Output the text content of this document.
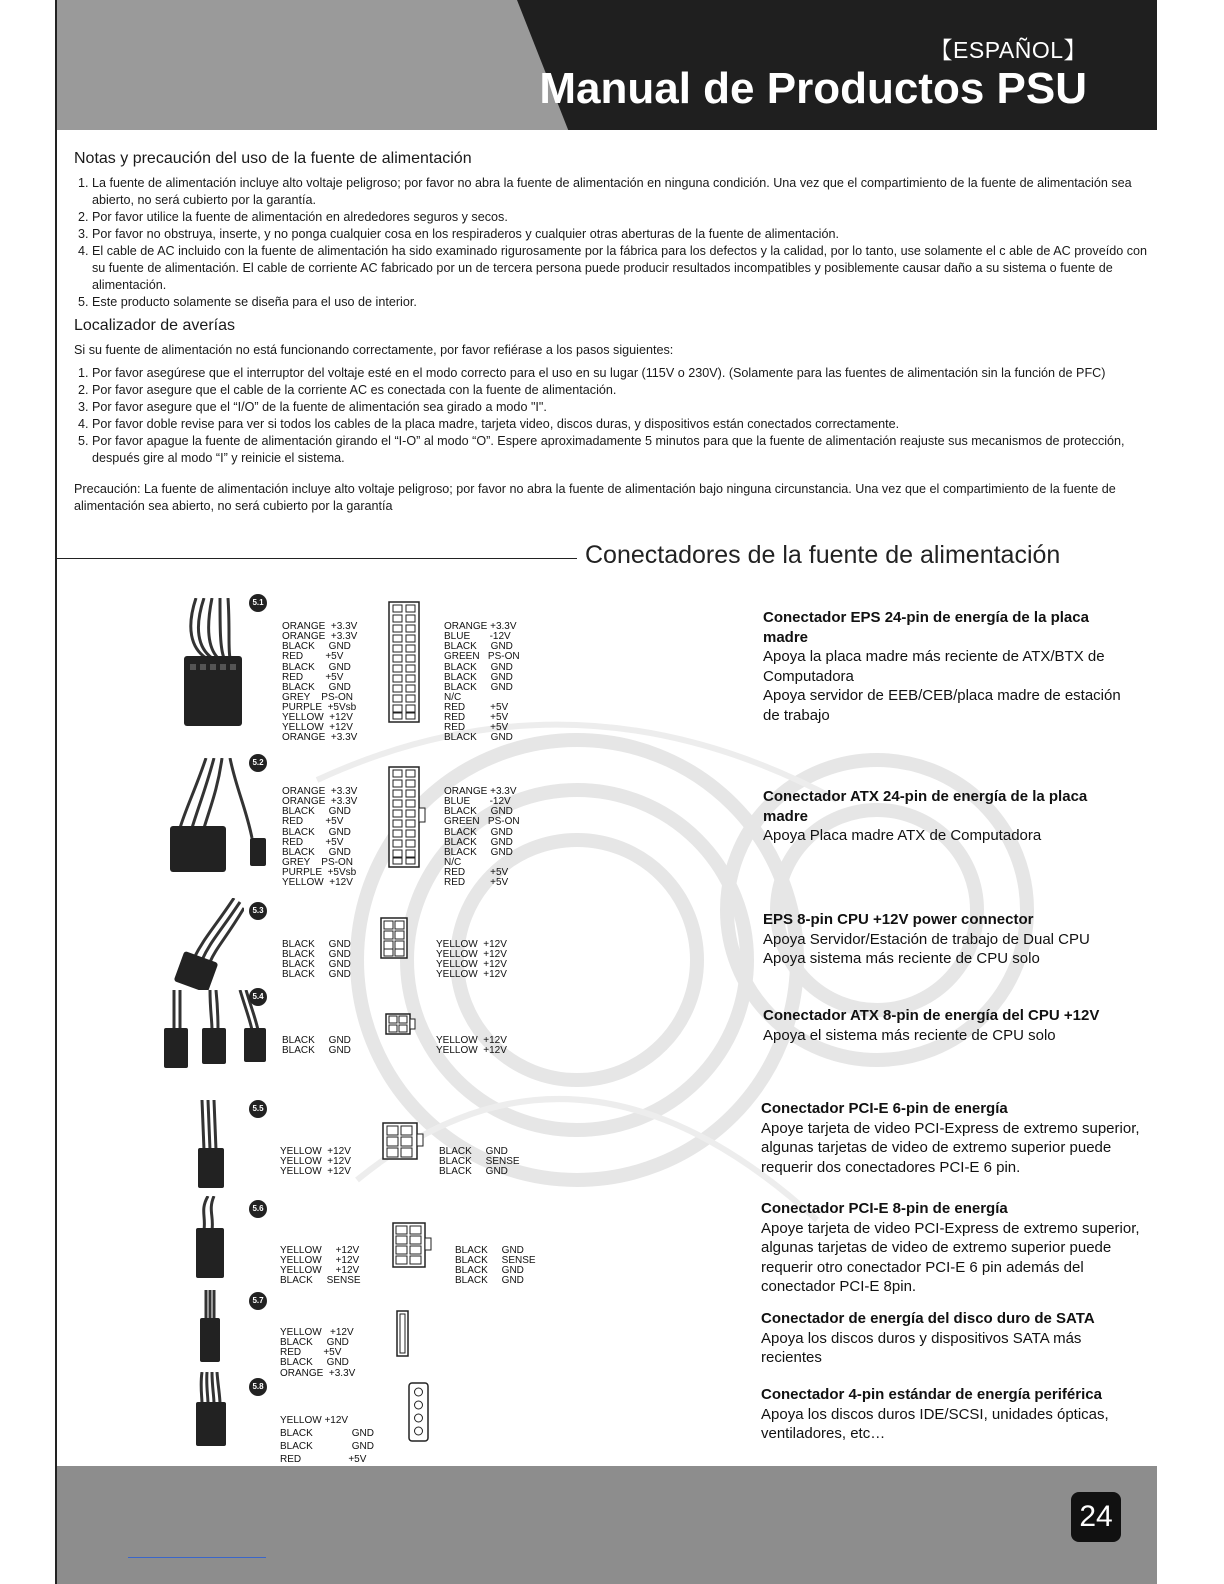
【ESPAÑOL】
Manual de Productos PSU
Notas y precaución del uso de la fuente de alimentación
1. La fuente de alimentación incluye alto voltaje peligroso; por favor no abra la fuente de alimentación en ninguna condición. Una vez que el compartimiento de la fuente de alimentación sea abierto, no será cubierto por la garantía.
2. Por favor utilice la fuente de alimentación en alrededores seguros y secos.
3. Por favor no obstruya, inserte, y no ponga cualquier cosa en los respiraderos y cualquier otras aberturas de la fuente de alimentación.
4. El cable de AC incluido con la fuente de alimentación ha sido examinado rigurosamente por la fábrica para los defectos y la calidad, por lo tanto, use solamente el c able de AC proveído con su fuente de alimentación. El cable de corriente AC fabricado por un de tercera persona puede producir resultados incompatibles y posiblemente causar daño a su sistema o fuente de alimentación.
5. Este producto solamente se diseña para el uso de interior.
Localizador de averías
Si su fuente de alimentación no está funcionando correctamente, por favor refiérase a los pasos siguientes:
1. Por favor asegúrese que el interruptor del voltaje esté en el modo correcto para el uso en su lugar (115V o 230V). (Solamente para las fuentes de alimentación sin la función de PFC)
2. Por favor asegure que el cable de la corriente AC es conectada con la fuente de alimentación.
3. Por favor asegure que el “I/O” de la fuente de alimentación sea girado a modo "I".
4. Por favor doble revise para ver si todos los cables de la placa madre, tarjeta video, discos duras, y dispositivos están conectados correctamente.
5. Por favor apague la fuente de alimentación girando el “I-O” al modo “O”. Espere aproximadamente 5 minutos para que la fuente de alimentación reajuste sus mecanismos de protección, después gire al modo “I” y reinicie el sistema.
Precaución: La fuente de alimentación incluye alto voltaje peligroso; por favor no abra la fuente de alimentación bajo ninguna circunstancia. Una vez que el compartimiento de la fuente de alimentación sea abierto, no será cubierto por la garantía
Conectadores de la fuente de alimentación
5.1

ORANGE  +3.3V
ORANGE  +3.3V
BLACK     GND
RED        +5V
BLACK     GND
RED        +5V
BLACK     GND
GREY    PS-ON
PURPLE  +5Vsb
YELLOW  +12V
YELLOW  +12V
ORANGE  +3.3V

ORANGE +3.3V
BLUE       -12V
BLACK     GND
GREEN   PS-ON
BLACK     GND
BLACK     GND
BLACK     GND
N/C
RED         +5V
RED         +5V
RED         +5V
BLACK     GND

Conectador EPS 24-pin de energía de la placa madre
Apoya la placa madre más reciente de ATX/BTX de Computadora
Apoya servidor de EEB/CEB/placa madre de estación de trabajo
5.2

ORANGE  +3.3V
ORANGE  +3.3V
BLACK     GND
RED        +5V
BLACK     GND
RED        +5V
BLACK     GND
GREY    PS-ON
PURPLE  +5Vsb
YELLOW  +12V

ORANGE +3.3V
BLUE       -12V
BLACK     GND
GREEN   PS-ON
BLACK     GND
BLACK     GND
BLACK     GND
N/C
RED         +5V
RED         +5V

Conectador ATX 24-pin de energía de la placa madre
Apoya Placa madre ATX de Computadora
5.3

BLACK     GND
BLACK     GND
BLACK     GND
BLACK     GND

YELLOW  +12V
YELLOW  +12V
YELLOW  +12V
YELLOW  +12V

EPS 8-pin CPU +12V power connector
Apoya Servidor/Estación de trabajo de Dual CPU
Apoya sistema más reciente de CPU solo
5.4

BLACK     GND
BLACK     GND

YELLOW  +12V
YELLOW  +12V

Conectador ATX 8-pin de energía del CPU +12V
Apoya el sistema más reciente de CPU solo
5.5

YELLOW  +12V
YELLOW  +12V
YELLOW  +12V

BLACK     GND
BLACK     SENSE
BLACK     GND

Conectador PCI-E 6-pin de energía
Apoye tarjeta de video PCI-Express de extremo superior, algunas tarjetas de video de extremo superior puede requerir dos conectadores PCI-E 6 pin.
5.6

YELLOW     +12V
YELLOW     +12V
YELLOW     +12V
BLACK     SENSE

BLACK     GND
BLACK     SENSE
BLACK     GND
BLACK     GND

Conectador PCI-E 8-pin de energía
Apoye tarjeta de video PCI-Express de extremo superior, algunas tarjetas de video de extremo superior puede requerir otro conectador PCI-E 6 pin además del conectador PCI-E 8pin.
5.7

YELLOW   +12V
BLACK     GND
RED        +5V
BLACK     GND
ORANGE  +3.3V

Conectador de energía del disco duro de SATA
Apoya los discos duros y dispositivos SATA más recientes
5.8

YELLOW +12V
BLACK              GND
BLACK              GND
RED                 +5V

Conectador 4-pin estándar de energía periférica
Apoya los discos duros IDE/SCSI, unidades ópticas, ventiladores, etc…
24
